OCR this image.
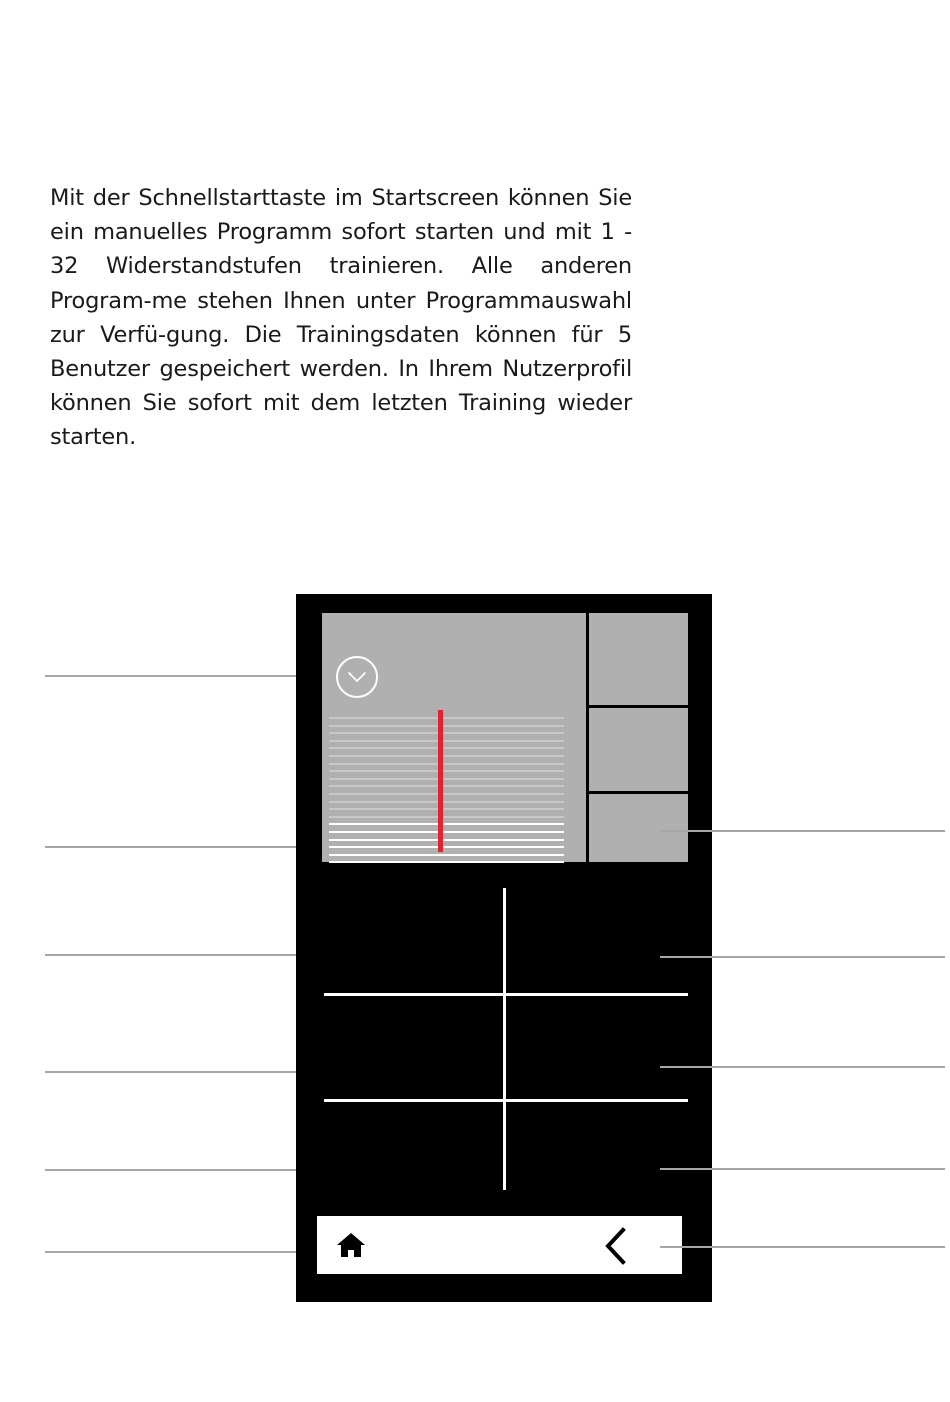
Mit der Schnellstarttaste im Startscreen können Sie ein manuelles Programm sofort starten und mit 1 - 32 Widerstandstufen trainieren. Alle anderen Program-me stehen Ihnen unter Programmauswahl zur Verfü-gung. Die Trainingsdaten können für 5 Benutzer gespeichert werden. In Ihrem Nutzerprofil können Sie sofort mit dem letzten Training wieder starten.
